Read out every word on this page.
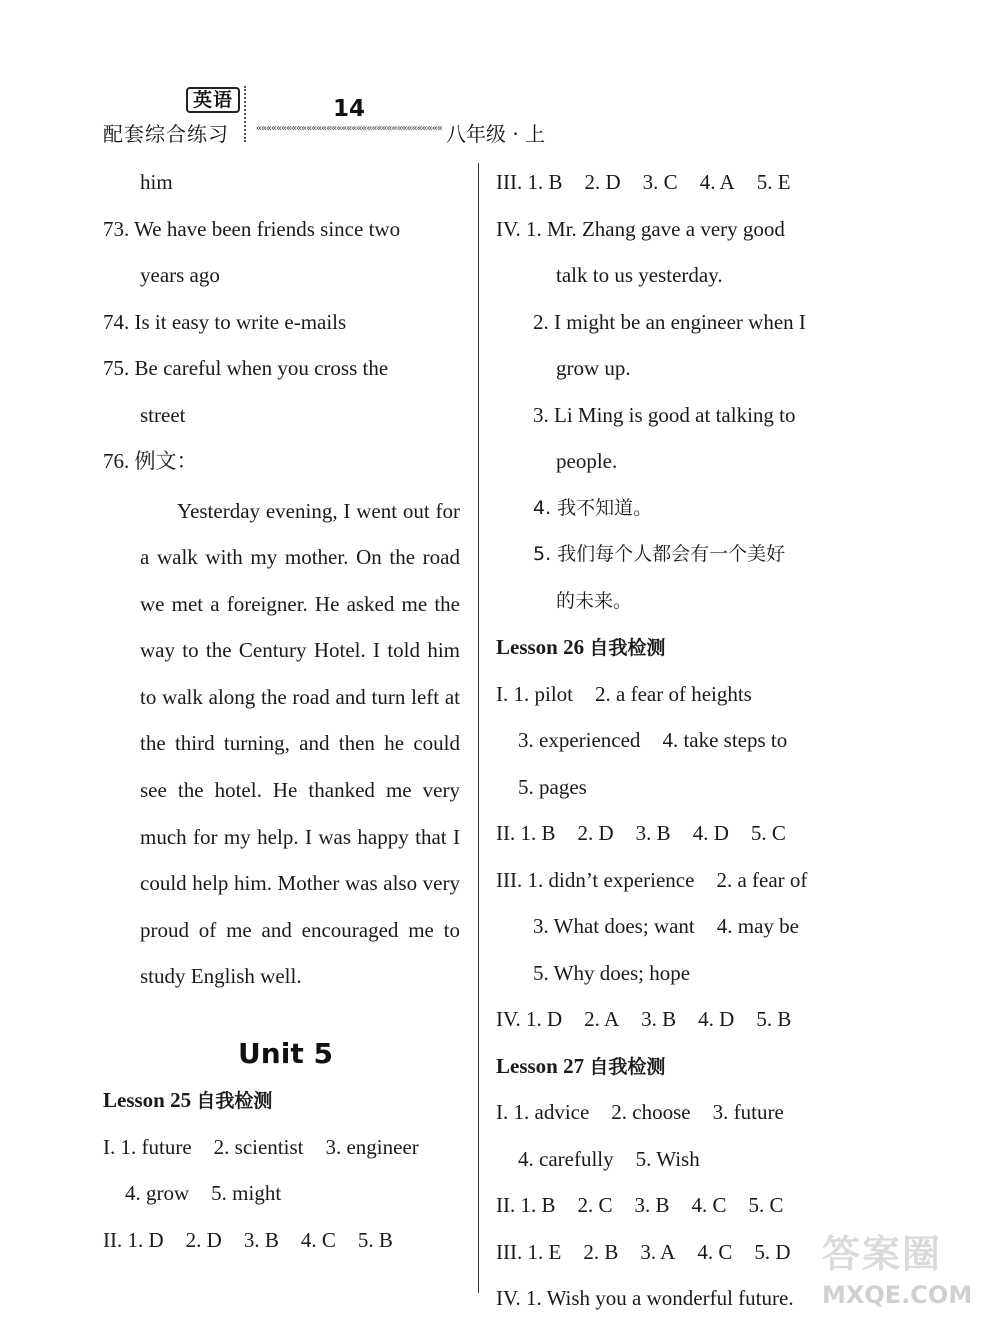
英语
配套综合练习
14
««««««««««««««««««««««««««««««««««««« 八年级 · 上
him
73. We have been friends since two
years ago
74. Is it easy to write e-mails
75. Be careful when you cross the
street
76. 例文：
Yesterday evening, I went out for a walk with my mother. On the road we met a foreigner. He asked me the way to the Century Hotel. I told him to walk along the road and turn left at the third turning, and then he could see the hotel. He thanked me very much for my help. I was happy that I could help him. Mother was also very proud of me and encouraged me to study English well.
Unit 5
Lesson 25 自我检测
I. 1. future 2. scientist 3. engineer
4. grow 5. might
II. 1. D 2. D 3. B 4. C 5. B
III. 1. B 2. D 3. C 4. A 5. E
IV. 1. Mr. Zhang gave a very good
talk to us yesterday.
2. I might be an engineer when I
grow up.
3. Li Ming is good at talking to
people.
4. 我不知道。
5. 我们每个人都会有一个美好
的未来。
Lesson 26 自我检测
I. 1. pilot 2. a fear of heights
3. experienced 4. take steps to
5. pages
II. 1. B 2. D 3. B 4. D 5. C
III. 1. didn’t experience 2. a fear of
3. What does; want 4. may be
5. Why does; hope
IV. 1. D 2. A 3. B 4. D 5. B
Lesson 27 自我检测
I. 1. advice 2. choose 3. future
4. carefully 5. Wish
II. 1. B 2. C 3. B 4. C 5. C
III. 1. E 2. B 3. A 4. C 5. D
IV. 1. Wish you a wonderful future.
答案圈
MXQE.COM
